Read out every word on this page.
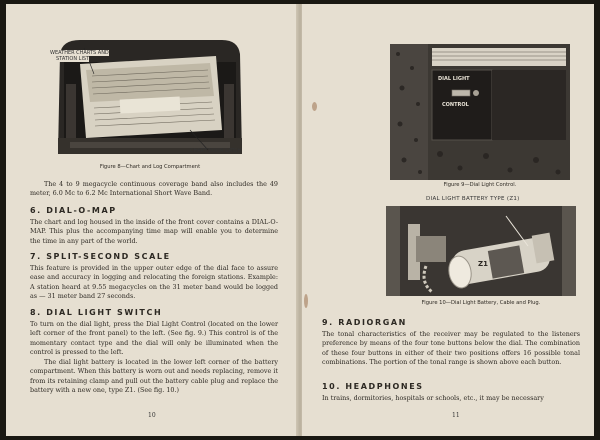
WEATHER CHARTS AND
STATION LIST
CHART DOOR LATCH
Figure 8—Chart and Log Compartment
The 4 to 9 megacycle continuous coverage band also includes the 49 meter, 6.0 Mc to 6.2 Mc International Short Wave Band.
6. DIAL-O-MAP
The chart and log housed in the inside of the front cover contains a DIAL-O-MAP. This plus the accompanying time map will enable you to determine the time in any part of the world.
7. SPLIT-SECOND SCALE
This feature is provided in the upper outer edge of the dial face to assure ease and accuracy in logging and relocating the foreign stations. Example: A station heard at 9.55 megacycles on the 31 meter band would be logged as — 31 meter band 27 seconds.
8. DIAL LIGHT SWITCH
To turn on the dial light, press the Dial Light Control (located on the lower left corner of the front panel) to the left. (See fig. 9.) This control is of the momentary contact type and the dial will only be illuminated when the control is pressed to the left.
The dial light battery is located in the lower left corner of the battery compartment. When this battery is worn out and needs replacing, remove it from its retaining clamp and pull out the battery cable plug and replace the battery with a new one, type Z1. (See fig. 10.)
10
DIAL LIGHT
CONTROL
Figure 9—Dial Light Control.
DIAL LIGHT BATTERY TYPE (Z1)
Z1
Figure 10—Dial Light Battery, Cable and Plug.
9. RADIORGAN
The tonal characteristics of the receiver may be regulated to the listeners preference by means of the four tone buttons below the dial. The combination of these four buttons in either of their two positions offers 16 possible tonal combinations. The portion of the tonal range is shown above each button.
10. HEADPHONES
In trains, dormitories, hospitals or schools, etc., it may be necessary
11
